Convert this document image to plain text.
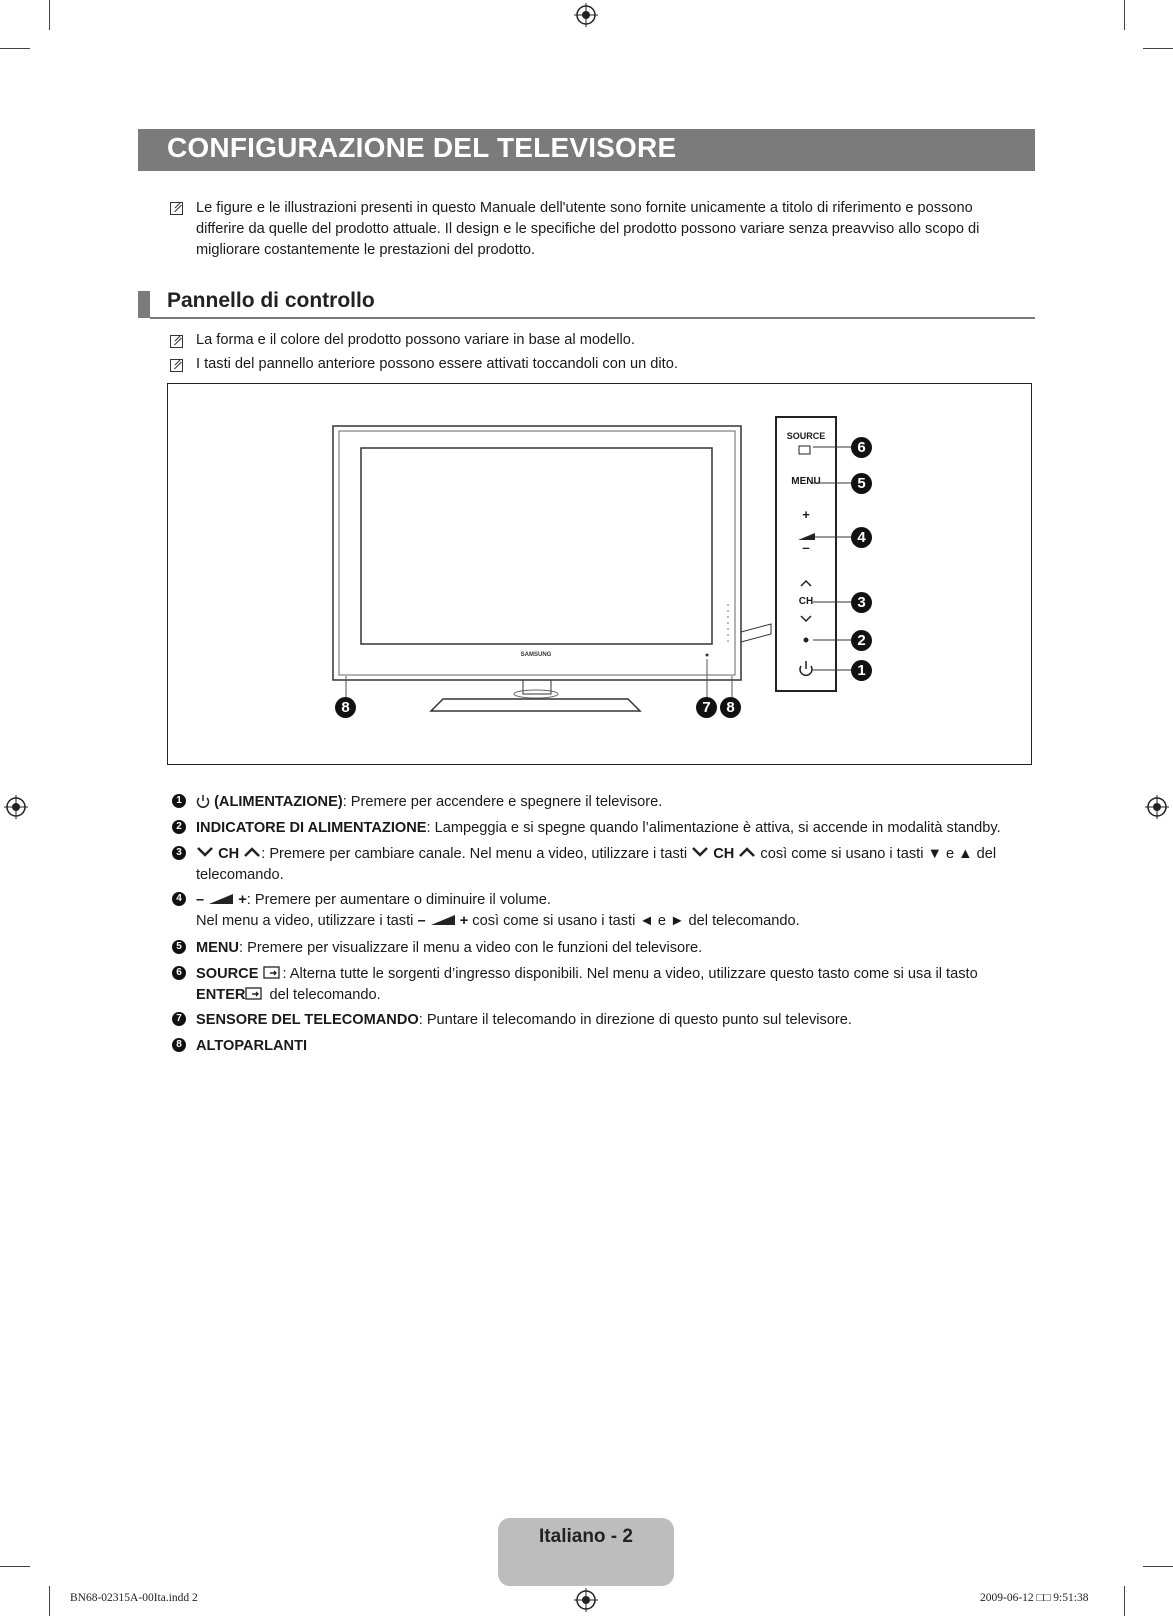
CONFIGURAZIONE DEL TELEVISORE
Le figure e le illustrazioni presenti in questo Manuale dell'utente sono fornite unicamente a titolo di riferimento e possono differire da quelle del prodotto attuale. Il design e le specifiche del prodotto possono variare senza preavviso allo scopo di migliorare costantemente le prestazioni del prodotto.
Pannello di controllo
La forma e il colore del prodotto possono variare in base al modello.
I tasti del pannello anteriore possono essere attivati toccandoli con un dito.
SAMSUNG
SOURCE
MENU
+
–
CH
6
5
4
3
2
1
8	7	8
1	(ALIMENTAZIONE): Premere per accendere e spegnere il televisore.
2 INDICATORE DI ALIMENTAZIONE: Lampeggia e si spegne quando l’alimentazione è attiva, si accende in modalità standby.
3	CH : Premere per cambiare canale. Nel menu a video, utilizzare i tasti CH così come si usano i tasti ▼ e ▲ del telecomando.
4 – +: Premere per aumentare o diminuire il volume.
Nel menu a video, utilizzare i tasti – + così come si usano i tasti ◄ e ► del telecomando.
5 MENU: Premere per visualizzare il menu a video con le funzioni del televisore.
6 SOURCE : Alterna tutte le sorgenti d’ingresso disponibili. Nel menu a video, utilizzare questo tasto come si usa il tasto
ENTER del telecomando.
7 SENSORE DEL TELECOMANDO: Puntare il telecomando in direzione di questo punto sul televisore.
8 ALTOPARLANTI
Italiano - 2
BN68-02315A-00Ita.indd 2	2009-06-12 □□ 9:51:38
